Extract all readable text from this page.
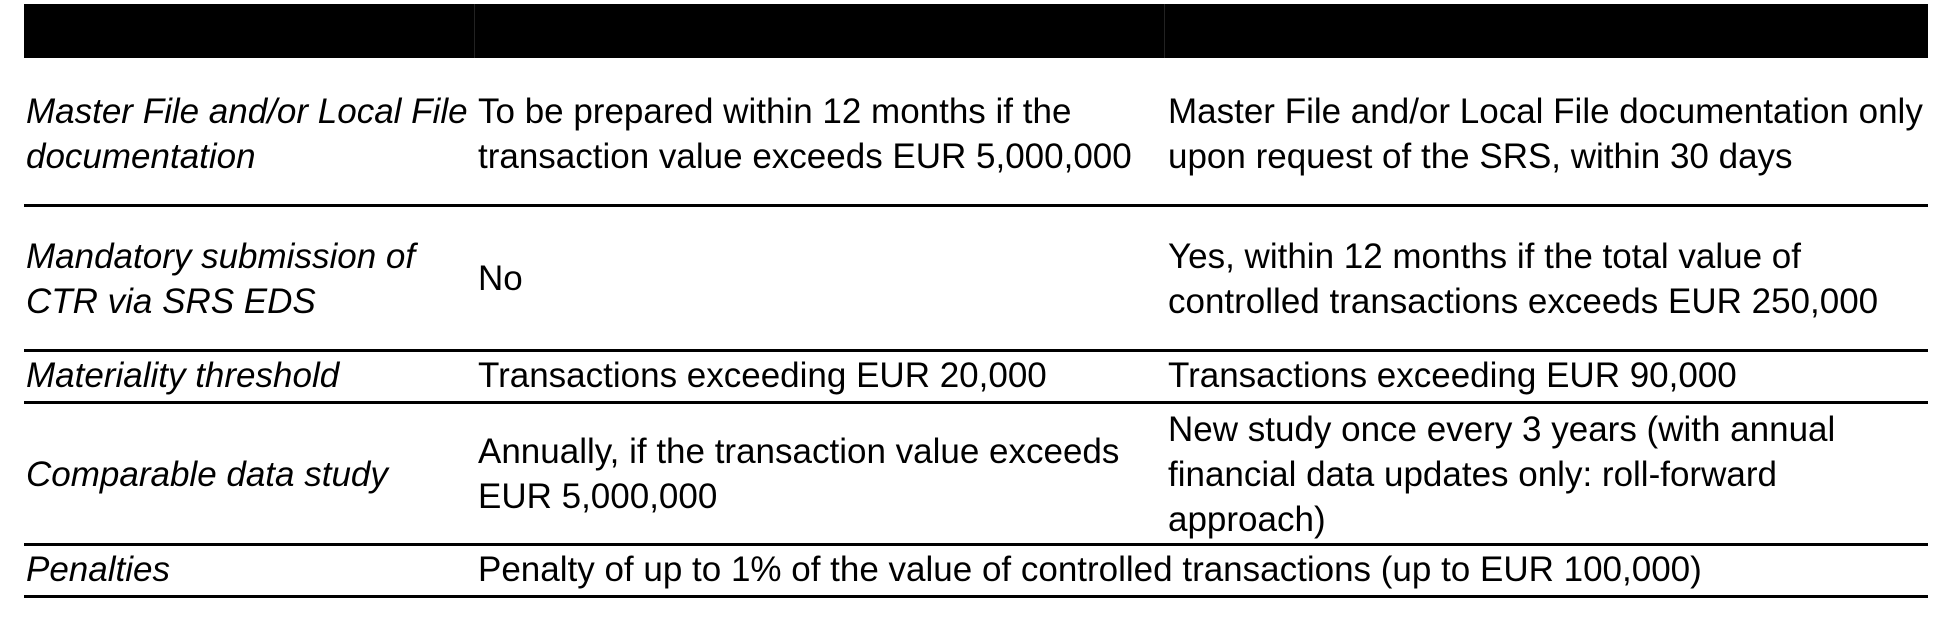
Master File and/or Local File documentation	To be prepared within 12 months if the transaction value exceeds EUR 5,000,000	Master File and/or Local File documentation only upon request of the SRS, within 30 days
Mandatory submission of CTR via SRS EDS	No	Yes, within 12 months if the total value of controlled transactions exceeds EUR 250,000
Materiality threshold	Transactions exceeding EUR 20,000	Transactions exceeding EUR 90,000
Comparable data study	Annually, if the transaction value exceeds EUR 5,000,000	New study once every 3 years (with annual financial data updates only: roll-forward approach)
Penalties	Penalty of up to 1% of the value of controlled transactions (up to EUR 100,000)	
